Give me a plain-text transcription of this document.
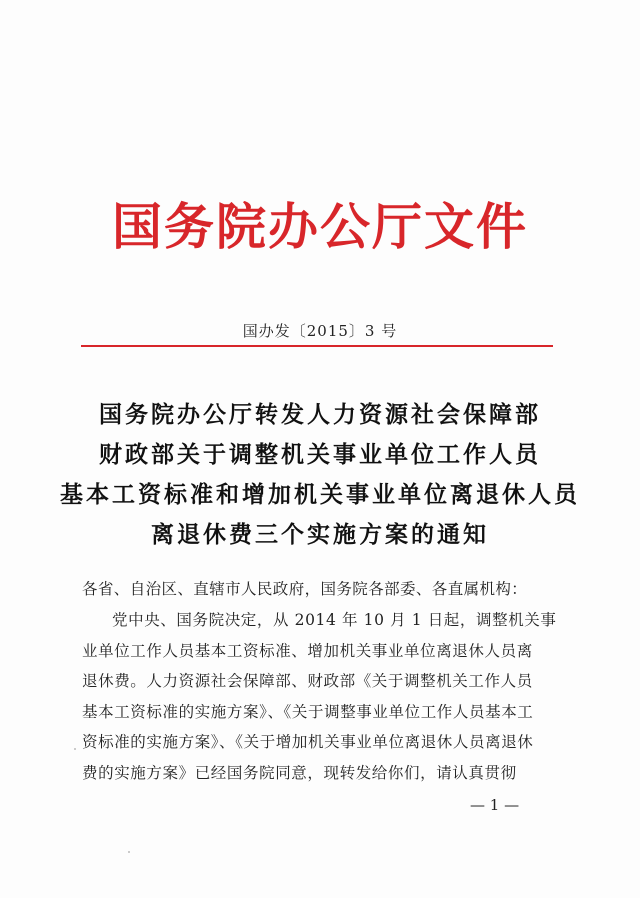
国务院办公厅文件
国办发〔2015〕3 号
国务院办公厅转发人力资源社会保障部
财政部关于调整机关事业单位工作人员
基本工资标准和增加机关事业单位离退休人员
离退休费三个实施方案的通知
各省、自治区、直辖市人民政府，国务院各部委、各直属机构：
党中央、国务院决定，从 2014 年 10 月 1 日起，调整机关事
业单位工作人员基本工资标准、增加机关事业单位离退休人员离
退休费。人力资源社会保障部、财政部《关于调整机关工作人员
基本工资标准的实施方案》、《关于调整事业单位工作人员基本工
资标准的实施方案》、《关于增加机关事业单位离退休人员离退休
费的实施方案》已经国务院同意，现转发给你们，请认真贯彻
— 1 —
